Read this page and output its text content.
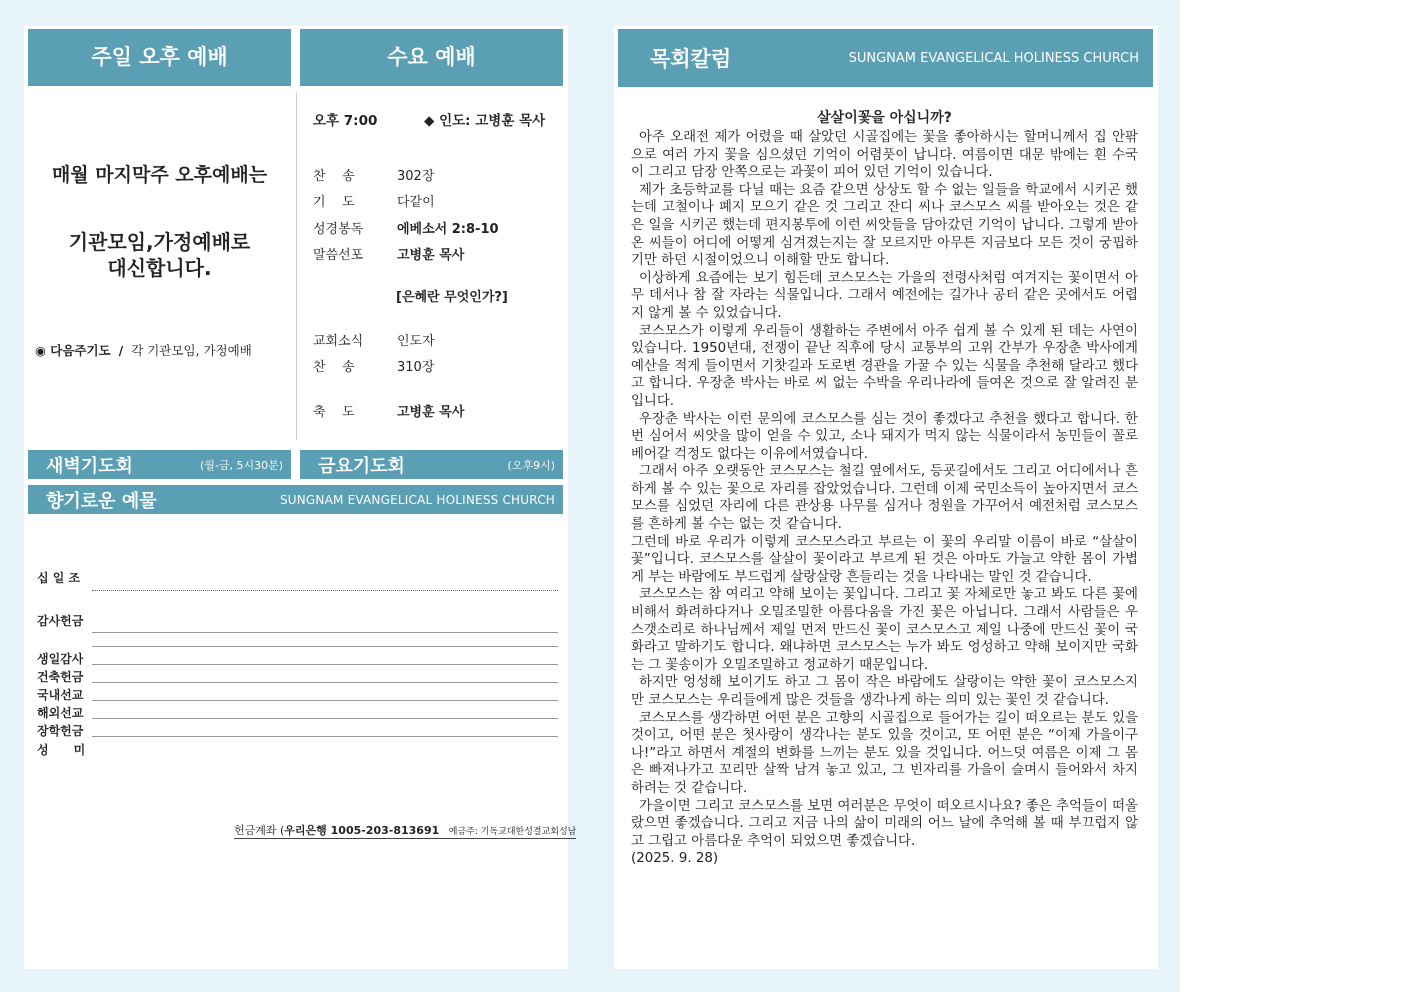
주일 오후 예배	수요 예배
매월 마지막주 오후예배는
기관모임,가정예배로
대신합니다.
◉ 다음주기도 / 각 기관모임, 가정예배
오후 7:00	◆ 인도: 고병훈 목사
찬    송	302장
기    도	다같이
성경봉독	에베소서 2:8-10
말씀선포	고병훈 목사
[은혜란 무엇인가?]
교회소식	인도자
찬    송	310장
축    도	고병훈 목사
새벽기도회	(월-금, 5시30분) 금요기도회	(오후9시)
향기로운 예물	SUNGNAM EVANGELICAL HOLINESS CHURCH
십 일 조
감사헌금
생일감사
건축헌금
국내선교
해외선교
장학헌금
성      미
헌금계좌 (우리은행 1005-203-813691 예금주: 기독교대한성결교회성남
목회칼럼	SUNGNAM EVANGELICAL HOLINESS CHURCH
살살이꽃을 아십니까?

아주 오래전 제가 어렸을 때 살았던 시골집에는 꽃을 좋아하시는 할머니께서 집 안팎으로 여러 가지 꽃을 심으셨던 기억이 어렴풋이 납니다. 여름이면 대문 밖에는 흰 수국이 그리고 담장 안쪽으로는 과꽃이 피어 있던 기억이 있습니다.

제가 초등학교를 다닐 때는 요즘 같으면 상상도 할 수 없는 일들을 학교에서 시키곤 했는데 고철이나 폐지 모으기 같은 것 그리고 잔디 씨나 코스모스 씨를 받아오는 것은 같은 일을 시키곤 했는데 편지봉투에 이런 씨앗들을 담아갔던 기억이 납니다. 그렇게 받아 온 씨들이 어디에 어떻게 심겨졌는지는 잘 모르지만 아무튼 지금보다 모든 것이 궁핍하기만 하던 시절이었으니 이해할 만도 합니다.

이상하게 요즘에는 보기 힘든데 코스모스는 가을의 전령사처럼 여겨지는 꽃이면서 아무 데서나 참 잘 자라는 식물입니다. 그래서 예전에는 길가나 공터 같은 곳에서도 어렵지 않게 볼 수 있었습니다.

코스모스가 이렇게 우리들이 생활하는 주변에서 아주 쉽게 볼 수 있게 된 데는 사연이 있습니다. 1950년대, 전쟁이 끝난 직후에 당시 교통부의 고위 간부가 우장춘 박사에게 예산을 적게 들이면서 기찻길과 도로변 경관을 가꿀 수 있는 식물을 추천해 달라고 했다고 합니다. 우장춘 박사는 바로 씨 없는 수박을 우리나라에 들여온 것으로 잘 알려진 분입니다.

우장춘 박사는 이런 문의에 코스모스를 심는 것이 좋겠다고 추천을 했다고 합니다. 한 번 심어서 씨앗을 많이 얻을 수 있고, 소나 돼지가 먹지 않는 식물이라서 농민들이 꼴로 베어갈 걱정도 없다는 이유에서였습니다.

그래서 아주 오랫동안 코스모스는 철길 옆에서도, 등굣길에서도 그리고 어디에서나 흔하게 볼 수 있는 꽃으로 자리를 잡았었습니다. 그런데 이제 국민소득이 높아지면서 코스모스를 심었던 자리에 다른 관상용 나무를 심거나 정원을 가꾸어서 예전처럼 코스모스를 흔하게 볼 수는 없는 것 같습니다.

그런데 바로 우리가 이렇게 코스모스라고 부르는 이 꽃의 우리말 이름이 바로 “살살이꽃”입니다. 코스모스를 살살이 꽃이라고 부르게 된 것은 아마도 가늘고 약한 몸이 가볍게 부는 바람에도 부드럽게 살랑살랑 흔들리는 것을 나타내는 말인 것 같습니다.

코스모스는 참 여리고 약해 보이는 꽃입니다. 그리고 꽃 자체로만 놓고 봐도 다른 꽃에 비해서 화려하다거나 오밀조밀한 아름다움을 가진 꽃은 아닙니다. 그래서 사람들은 우스갯소리로 하나님께서 제일 먼저 만드신 꽃이 코스모스고 제일 나중에 만드신 꽃이 국화라고 말하기도 합니다. 왜냐하면 코스모스는 누가 봐도 엉성하고 약해 보이지만 국화는 그 꽃송이가 오밀조밀하고 정교하기 때문입니다.

하지만 엉성해 보이기도 하고 그 몸이 작은 바람에도 살랑이는 약한 꽃이 코스모스지만 코스모스는 우리들에게 많은 것들을 생각나게 하는 의미 있는 꽃인 것 같습니다.

코스모스를 생각하면 어떤 분은 고향의 시골집으로 들어가는 길이 떠오르는 분도 있을 것이고, 어떤 분은 첫사랑이 생각나는 분도 있을 것이고, 또 어떤 분은 “이제 가을이구나!”라고 하면서 계절의 변화를 느끼는 분도 있을 것입니다. 어느덧 여름은 이제 그 몸은 빠져나가고 꼬리만 살짝 남겨 놓고 있고, 그 빈자리를 가을이 슬며시 들어와서 차지하려는 것 같습니다.

가을이면 그리고 코스모스를 보면 여러분은 무엇이 떠오르시나요? 좋은 추억들이 떠올랐으면 좋겠습니다. 그리고 지금 나의 삶이 미래의 어느 날에 추억해 볼 때 부끄럽지 않고 그립고 아름다운 추억이 되었으면 좋겠습니다.

(2025. 9. 28)
